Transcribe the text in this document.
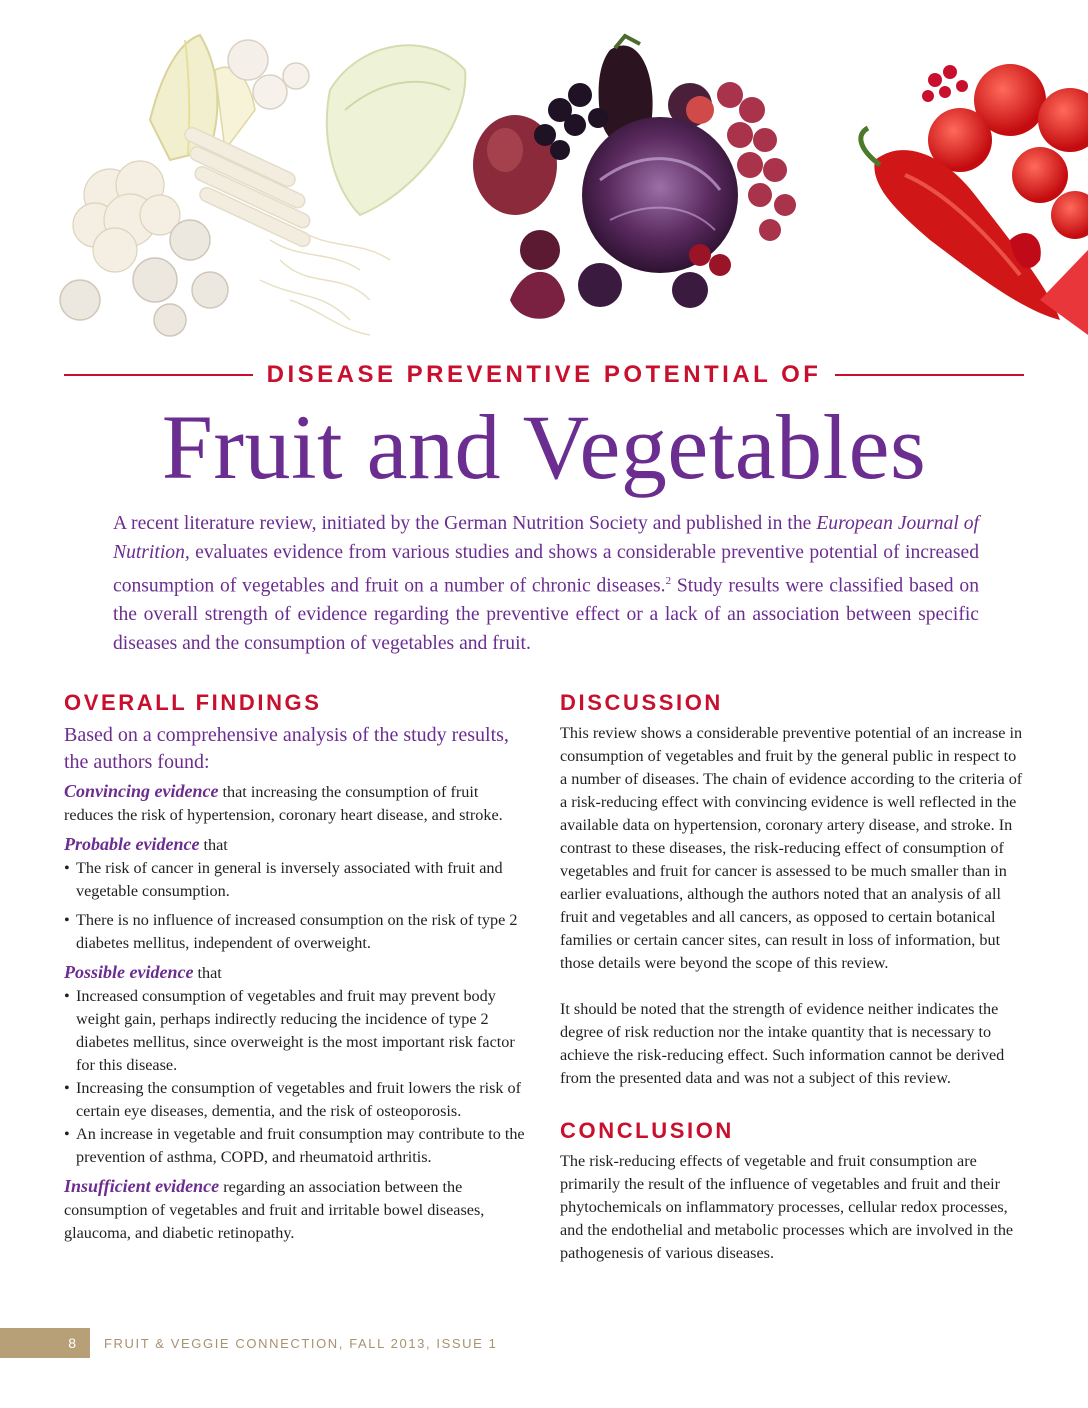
DISEASE PREVENTIVE POTENTIAL OF
Fruit and Vegetables

A recent literature review, initiated by the German Nutrition Society and published in the European Journal of Nutrition, evaluates evidence from various studies and shows a considerable preventive potential of increased consumption of vegetables and fruit on a number of chronic diseases.$^2$ Study results were classified based on the overall strength of evidence regarding the preventive effect or a lack of an association between specific diseases and the consumption of vegetables and fruit.

OVERALL FINDINGS

Based on a comprehensive analysis of the study results, the authors found:

Convincing evidence that increasing the consumption of fruit reduces the risk of hypertension, coronary heart disease, and stroke.

Probable evidence that

• The risk of cancer in general is inversely associated with fruit and vegetable consumption.
• There is no influence of increased consumption on the risk of type 2 diabetes mellitus, independent of overweight.

Possible evidence that

• Increased consumption of vegetables and fruit may prevent body weight gain, perhaps indirectly reducing the incidence of type 2 diabetes mellitus, since overweight is the most important risk factor for this disease.
• Increasing the consumption of vegetables and fruit lowers the risk of certain eye diseases, dementia, and the risk of osteoporosis.
• An increase in vegetable and fruit consumption may contribute to the prevention of asthma, COPD, and rheumatoid arthritis.

Insufficient evidence regarding an association between the consumption of vegetables and fruit and irritable bowel diseases, glaucoma, and diabetic retinopathy.

DISCUSSION

This review shows a considerable preventive potential of an increase in consumption of vegetables and fruit by the general public in respect to a number of diseases. The chain of evidence according to the criteria of a risk-reducing effect with convincing evidence is well reflected in the available data on hypertension, coronary artery disease, and stroke. In contrast to these diseases, the risk-reducing effect of consumption of vegetables and fruit for cancer is assessed to be much smaller than in earlier evaluations, although the authors noted that an analysis of all fruit and vegetables and all cancers, as opposed to certain botanical families or certain cancer sites, can result in loss of information, but those details were beyond the scope of this review.

It should be noted that the strength of evidence neither indicates the degree of risk reduction nor the intake quantity that is necessary to achieve the risk-reducing effect. Such information cannot be derived from the presented data and was not a subject of this review.

CONCLUSION

The risk-reducing effects of vegetable and fruit consumption are primarily the result of the influence of vegetables and fruit and their phytochemicals on inflammatory processes, cellular redox processes, and the endothelial and metabolic processes which are involved in the pathogenesis of various diseases.

8	FRUIT & VEGGIE CONNECTION, FALL 2013, ISSUE 1
